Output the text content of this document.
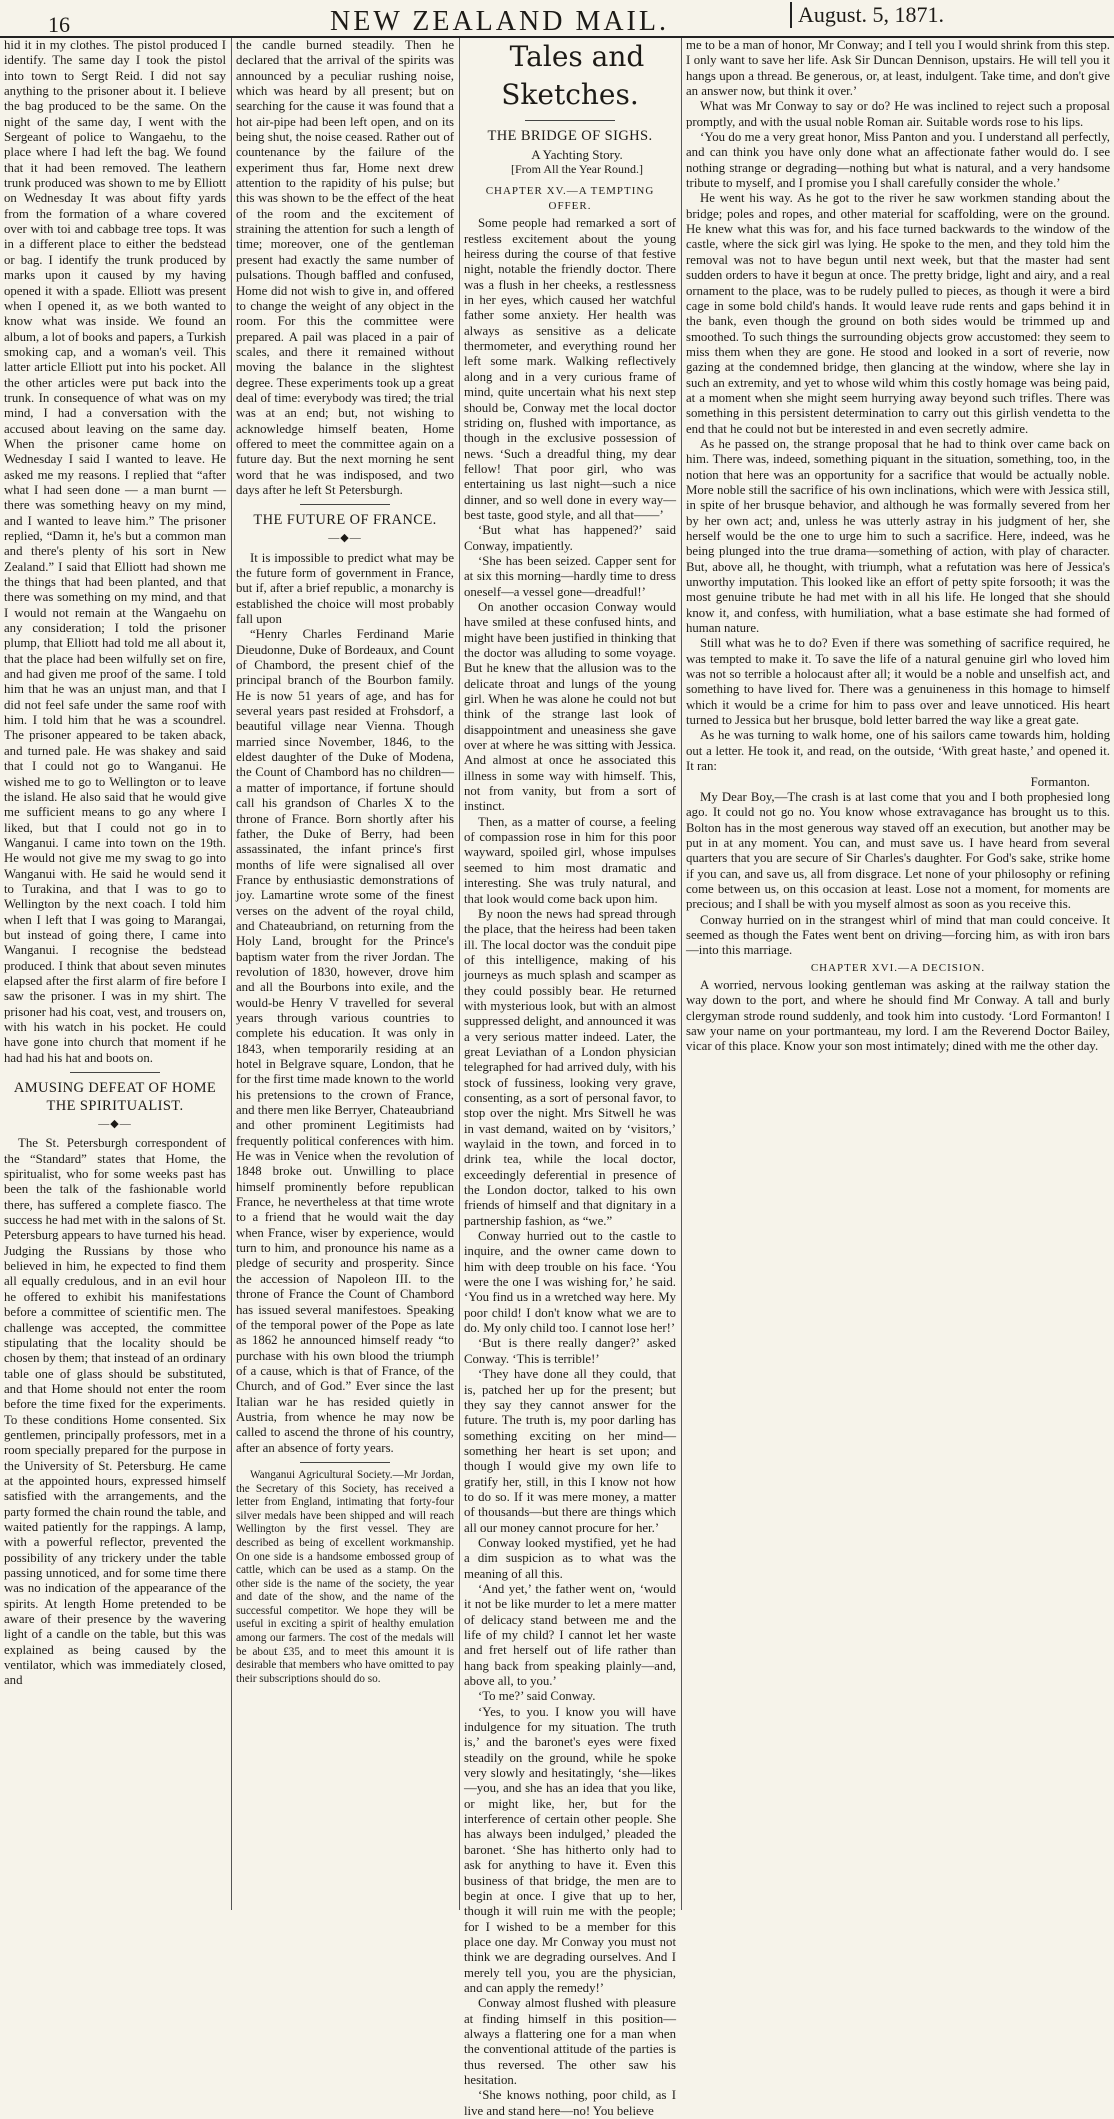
16	NEW ZEALAND MAIL.	August. 5, 1871.

hid it in my clothes. The pistol produced I identify. The same day I took the pistol into town to Sergt Reid. I did not say anything to the prisoner about it. I believe the bag produced to be the same. On the night of the same day, I went with the Sergeant of police to Wangaehu, to the place where I had left the bag. We found that it had been removed. The leathern trunk produced was shown to me by Elliott on Wednesday It was about fifty yards from the formation of a whare covered over with toi and cabbage tree tops. It was in a different place to either the bedstead or bag. I identify the trunk produced by marks upon it caused by my having opened it with a spade. Elliott was present when I opened it, as we both wanted to know what was inside. We found an album, a lot of books and papers, a Turkish smoking cap, and a woman's veil. This latter article Elliott put into his pocket. All the other articles were put back into the trunk. In consequence of what was on my mind, I had a conversation with the accused about leaving on the same day. When the prisoner came home on Wednesday I said I wanted to leave. He asked me my reasons. I replied that “after what I had seen done — a man burnt — there was something heavy on my mind, and I wanted to leave him.” The prisoner replied, “Damn it, he's but a common man and there's plenty of his sort in New Zealand.” I said that Elliott had shown me the things that had been planted, and that there was something on my mind, and that I would not remain at the Wangaehu on any consideration; I told the prisoner plump, that Elliott had told me all about it, that the place had been wilfully set on fire, and had given me proof of the same. I told him that he was an unjust man, and that I did not feel safe under the same roof with him. I told him that he was a scoundrel. The prisoner appeared to be taken aback, and turned pale. He was shakey and said that I could not go to Wanganui. He wished me to go to Wellington or to leave the island. He also said that he would give me sufficient means to go any where I liked, but that I could not go in to Wanganui. I came into town on the 19th. He would not give me my swag to go into Wanganui with. He said he would send it to Turakina, and that I was to go to Wellington by the next coach. I told him when I left that I was going to Marangai, but instead of going there, I came into Wanganui. I recognise the bedstead produced. I think that about seven minutes elapsed after the first alarm of fire before I saw the prisoner. I was in my shirt. The prisoner had his coat, vest, and trousers on, with his watch in his pocket. He could have gone into church that moment if he had had his hat and boots on.

AMUSING DEFEAT OF HOME THE SPIRITUALIST.
—◆—

The St. Petersburgh correspondent of the “Standard” states that Home, the spiritualist, who for some weeks past has been the talk of the fashionable world there, has suffered a complete fiasco. The success he had met with in the salons of St. Petersburg appears to have turned his head. Judging the Russians by those who believed in him, he expected to find them all equally credulous, and in an evil hour he offered to exhibit his manifestations before a committee of scientific men. The challenge was accepted, the committee stipulating that the locality should be chosen by them; that instead of an ordinary table one of glass should be substituted, and that Home should not enter the room before the time fixed for the experiments. To these conditions Home consented. Six gentlemen, principally professors, met in a room specially prepared for the purpose in the University of St. Petersburg. He came at the appointed hours, expressed himself satisfied with the arrangements, and the party formed the chain round the table, and waited patiently for the rappings. A lamp, with a powerful reflector, prevented the possibility of any trickery under the table passing unnoticed, and for some time there was no indication of the appearance of the spirits. At length Home pretended to be aware of their presence by the wavering light of a candle on the table, but this was explained as being caused by the ventilator, which was immediately closed, and

the candle burned steadily. Then he declared that the arrival of the spirits was announced by a peculiar rushing noise, which was heard by all present; but on searching for the cause it was found that a hot air-pipe had been left open, and on its being shut, the noise ceased. Rather out of countenance by the failure of the experiment thus far, Home next drew attention to the rapidity of his pulse; but this was shown to be the effect of the heat of the room and the excitement of straining the attention for such a length of time; moreover, one of the gentleman present had exactly the same number of pulsations. Though baffled and confused, Home did not wish to give in, and offered to change the weight of any object in the room. For this the committee were prepared. A pail was placed in a pair of scales, and there it remained without moving the balance in the slightest degree. These experiments took up a great deal of time: everybody was tired; the trial was at an end; but, not wishing to acknowledge himself beaten, Home offered to meet the committee again on a future day. But the next morning he sent word that he was indisposed, and two days after he left St Petersburgh.

THE FUTURE OF FRANCE.
—◆—

It is impossible to predict what may be the future form of government in France, but if, after a brief republic, a monarchy is established the choice will most probably fall upon

“Henry Charles Ferdinand Marie Dieudonne, Duke of Bordeaux, and Count of Chambord, the present chief of the principal branch of the Bourbon family. He is now 51 years of age, and has for several years past resided at Frohsdorf, a beautiful village near Vienna. Though married since November, 1846, to the eldest daughter of the Duke of Modena, the Count of Chambord has no children—a matter of importance, if fortune should call his grandson of Charles X to the throne of France. Born shortly after his father, the Duke of Berry, had been assassinated, the infant prince's first months of life were signalised all over France by enthusiastic demonstrations of joy. Lamartine wrote some of the finest verses on the advent of the royal child, and Chateaubriand, on returning from the Holy Land, brought for the Prince's baptism water from the river Jordan. The revolution of 1830, however, drove him and all the Bourbons into exile, and the would-be Henry V travelled for several years through various countries to complete his education. It was only in 1843, when temporarily residing at an hotel in Belgrave square, London, that he for the first time made known to the world his pretensions to the crown of France, and there men like Berryer, Chateaubriand and other prominent Legitimists had frequently political conferences with him. He was in Venice when the revolution of 1848 broke out. Unwilling to place himself prominently before republican France, he nevertheless at that time wrote to a friend that he would wait the day when France, wiser by experience, would turn to him, and pronounce his name as a pledge of security and prosperity. Since the accession of Napoleon III. to the throne of France the Count of Chambord has issued several manifestoes. Speaking of the temporal power of the Pope as late as 1862 he announced himself ready “to purchase with his own blood the triumph of a cause, which is that of France, of the Church, and of God.” Ever since the last Italian war he has resided quietly in Austria, from whence he may now be called to ascend the throne of his country, after an absence of forty years.

Wanganui Agricultural Society.—Mr Jordan, the Secretary of this Society, has received a letter from England, intimating that forty-four silver medals have been shipped and will reach Wellington by the first vessel. They are described as being of excellent workmanship. On one side is a handsome embossed group of cattle, which can be used as a stamp. On the other side is the name of the society, the year and date of the show, and the name of the successful competitor. We hope they will be useful in exciting a spirit of healthy emulation among our farmers. The cost of the medals will be about £35, and to meet this amount it is desirable that members who have omitted to pay their subscriptions should do so.

Tales and Sketches.

THE BRIDGE OF SIGHS.

A Yachting Story.

[From All the Year Round.]

CHAPTER XV.—A TEMPTING OFFER.

Some people had remarked a sort of restless excitement about the young heiress during the course of that festive night, notable the friendly doctor. There was a flush in her cheeks, a restlessness in her eyes, which caused her watchful father some anxiety. Her health was always as sensitive as a delicate thermometer, and everything round her left some mark. Walking reflectively along and in a very curious frame of mind, quite uncertain what his next step should be, Conway met the local doctor striding on, flushed with importance, as though in the exclusive possession of news. ‘Such a dreadful thing, my dear fellow! That poor girl, who was entertaining us last night—such a nice dinner, and so well done in every way—best taste, good style, and all that——’

‘But what has happened?’ said Conway, impatiently.

‘She has been seized. Capper sent for at six this morning—hardly time to dress oneself—a vessel gone—dreadful!’

On another occasion Conway would have smiled at these confused hints, and might have been justified in thinking that the doctor was alluding to some voyage. But he knew that the allusion was to the delicate throat and lungs of the young girl. When he was alone he could not but think of the strange last look of disappointment and uneasiness she gave over at where he was sitting with Jessica. And almost at once he associated this illness in some way with himself. This, not from vanity, but from a sort of instinct.

Then, as a matter of course, a feeling of compassion rose in him for this poor wayward, spoiled girl, whose impulses seemed to him most dramatic and interesting. She was truly natural, and that look would come back upon him.

By noon the news had spread through the place, that the heiress had been taken ill. The local doctor was the conduit pipe of this intelligence, making of his journeys as much splash and scamper as they could possibly bear. He returned with mysterious look, but with an almost suppressed delight, and announced it was a very serious matter indeed. Later, the great Leviathan of a London physician telegraphed for had arrived duly, with his stock of fussiness, looking very grave, consenting, as a sort of personal favor, to stop over the night. Mrs Sitwell he was in vast demand, waited on by ‘visitors,’ waylaid in the town, and forced in to drink tea, while the local doctor, exceedingly deferential in presence of the London doctor, talked to his own friends of himself and that dignitary in a partnership fashion, as “we.”

Conway hurried out to the castle to inquire, and the owner came down to him with deep trouble on his face. ‘You were the one I was wishing for,’ he said. ‘You find us in a wretched way here. My poor child! I don't know what we are to do. My only child too. I cannot lose her!’

‘But is there really danger?’ asked Conway. ‘This is terrible!’

‘They have done all they could, that is, patched her up for the present; but they say they cannot answer for the future. The truth is, my poor darling has something exciting on her mind—something her heart is set upon; and though I would give my own life to gratify her, still, in this I know not how to do so. If it was mere money, a matter of thousands—but there are things which all our money cannot procure for her.’

Conway looked mystified, yet he had a dim suspicion as to what was the meaning of all this.

‘And yet,’ the father went on, ‘would it not be like murder to let a mere matter of delicacy stand between me and the life of my child? I cannot let her waste and fret herself out of life rather than hang back from speaking plainly—and, above all, to you.’

‘To me?’ said Conway.

‘Yes, to you. I know you will have indulgence for my situation. The truth is,’ and the baronet's eyes were fixed steadily on the ground, while he spoke very slowly and hesitatingly, ‘she—likes—you, and she has an idea that you like, or might like, her, but for the interference of certain other people. She has always been indulged,’ pleaded the baronet. ‘She has hitherto only had to ask for anything to have it. Even this business of that bridge, the men are to begin at once. I give that up to her, though it will ruin me with the people; for I wished to be a member for this place one day. Mr Conway you must not think we are degrading ourselves. And I merely tell you, you are the physician, and can apply the remedy!’

Conway almost flushed with pleasure at finding himself in this position—always a flattering one for a man when the conventional attitude of the parties is thus reversed. The other saw his hesitation.

‘She knows nothing, poor child, as I live and stand here—no! You believe

me to be a man of honor, Mr Conway; and I tell you I would shrink from this step. I only want to save her life. Ask Sir Duncan Dennison, upstairs. He will tell you it hangs upon a thread. Be generous, or, at least, indulgent. Take time, and don't give an answer now, but think it over.’

What was Mr Conway to say or do? He was inclined to reject such a proposal promptly, and with the usual noble Roman air. Suitable words rose to his lips.

‘You do me a very great honor, Miss Panton and you. I understand all perfectly, and can think you have only done what an affectionate father would do. I see nothing strange or degrading—nothing but what is natural, and a very handsome tribute to myself, and I promise you I shall carefully consider the whole.’

He went his way. As he got to the river he saw workmen standing about the bridge; poles and ropes, and other material for scaffolding, were on the ground. He knew what this was for, and his face turned backwards to the window of the castle, where the sick girl was lying. He spoke to the men, and they told him the removal was not to have begun until next week, but that the master had sent sudden orders to have it begun at once. The pretty bridge, light and airy, and a real ornament to the place, was to be rudely pulled to pieces, as though it were a bird cage in some bold child's hands. It would leave rude rents and gaps behind it in the bank, even though the ground on both sides would be trimmed up and smoothed. To such things the surrounding objects grow accustomed: they seem to miss them when they are gone. He stood and looked in a sort of reverie, now gazing at the condemned bridge, then glancing at the window, where she lay in such an extremity, and yet to whose wild whim this costly homage was being paid, at a moment when she might seem hurrying away beyond such trifles. There was something in this persistent determination to carry out this girlish vendetta to the end that he could not but be interested in and even secretly admire.

As he passed on, the strange proposal that he had to think over came back on him. There was, indeed, something piquant in the situation, something, too, in the notion that here was an opportunity for a sacrifice that would be actually noble. More noble still the sacrifice of his own inclinations, which were with Jessica still, in spite of her brusque behavior, and although he was formally severed from her by her own act; and, unless he was utterly astray in his judgment of her, she herself would be the one to urge him to such a sacrifice. Here, indeed, was he being plunged into the true drama—something of action, with play of character. But, above all, he thought, with triumph, what a refutation was here of Jessica's unworthy imputation. This looked like an effort of petty spite forsooth; it was the most genuine tribute he had met with in all his life. He longed that she should know it, and confess, with humiliation, what a base estimate she had formed of human nature.

Still what was he to do? Even if there was something of sacrifice required, he was tempted to make it. To save the life of a natural genuine girl who loved him was not so terrible a holocaust after all; it would be a noble and unselfish act, and something to have lived for. There was a genuineness in this homage to himself which it would be a crime for him to pass over and leave unnoticed. His heart turned to Jessica but her brusque, bold letter barred the way like a great gate.

As he was turning to walk home, one of his sailors came towards him, holding out a letter. He took it, and read, on the outside, ‘With great haste,’ and opened it. It ran:

Formanton.

My Dear Boy,—The crash is at last come that you and I both prophesied long ago. It could not go no. You know whose extravagance has brought us to this. Bolton has in the most generous way staved off an execution, but another may be put in at any moment. You can, and must save us. I have heard from several quarters that you are secure of Sir Charles's daughter. For God's sake, strike home if you can, and save us, all from disgrace. Let none of your philosophy or refining come between us, on this occasion at least. Lose not a moment, for moments are precious; and I shall be with you myself almost as soon as you receive this.

Conway hurried on in the strangest whirl of mind that man could conceive. It seemed as though the Fates went bent on driving—forcing him, as with iron bars—into this marriage.

CHAPTER XVI.—A DECISION.

A worried, nervous looking gentleman was asking at the railway station the way down to the port, and where he should find Mr Conway. A tall and burly clergyman strode round suddenly, and took him into custody. ‘Lord Formanton! I saw your name on your portmanteau, my lord. I am the Reverend Doctor Bailey, vicar of this place. Know your son most intimately; dined with me the other day.
